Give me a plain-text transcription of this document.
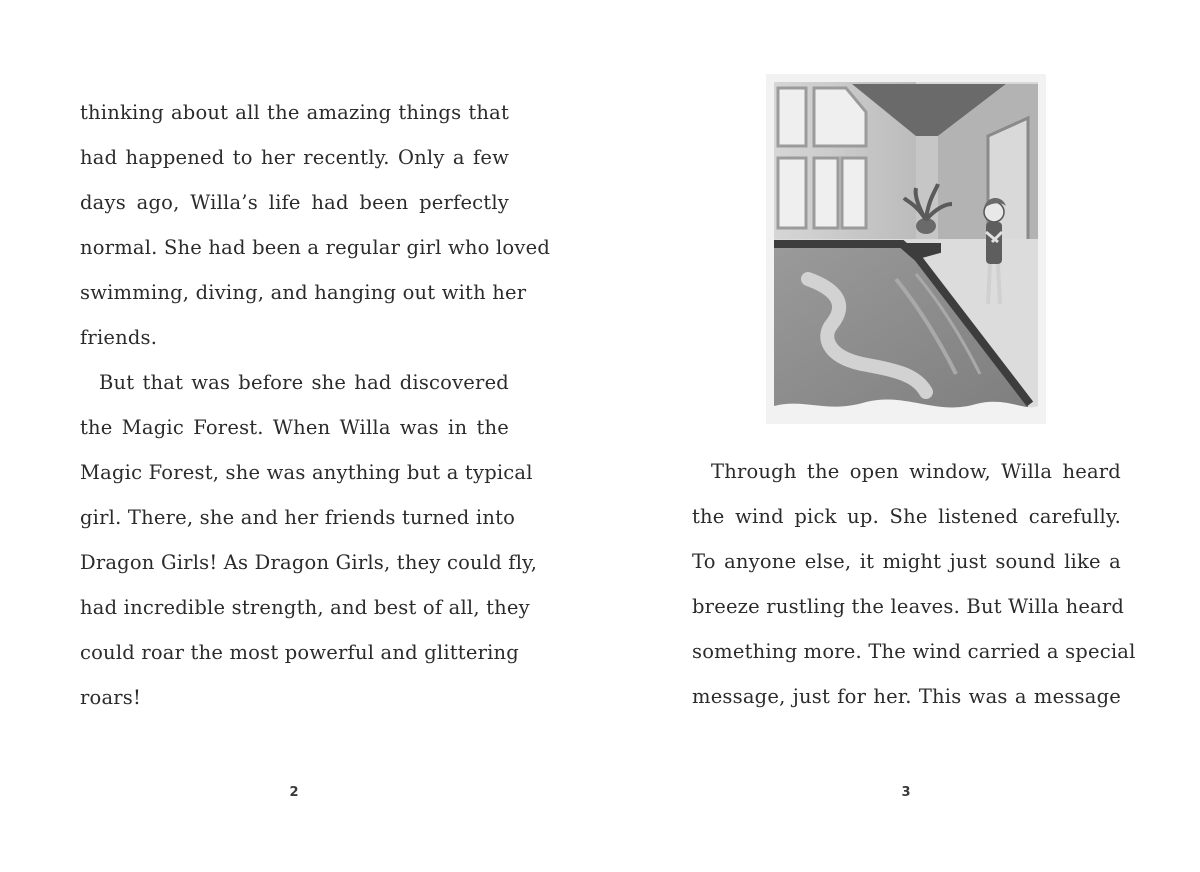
thinking about all the amazing things that
had happened to her recently. Only a few
days ago, Willa’s life had been perfectly
normal. She had been a regular girl who loved
swimming, diving, and hanging out with her
friends.
But that was before she had discovered
the Magic Forest. When Willa was in the
Magic Forest, she was anything but a typical
girl. There, she and her friends turned into
Dragon Girls! As Dragon Girls, they could fly,
had incredible strength, and best of all, they
could roar the most powerful and glittering
roars!
2
Through the open window, Willa heard
the wind pick up. She listened carefully.
To anyone else, it might just sound like a
breeze rustling the leaves. But Willa heard
something more. The wind carried a special
message, just for her. This was a message
3
